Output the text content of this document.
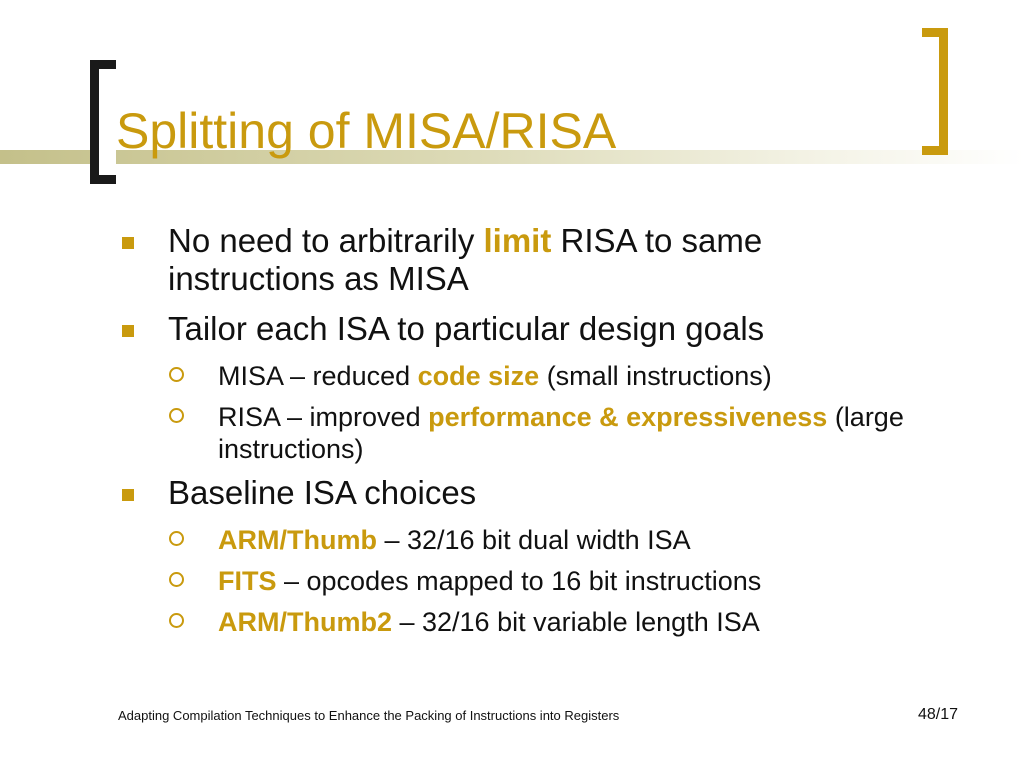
Splitting of MISA/RISA
No need to arbitrarily limit RISA to same instructions as MISA
Tailor each ISA to particular design goals
MISA – reduced code size (small instructions)
RISA – improved performance & expressiveness (large instructions)
Baseline ISA choices
ARM/Thumb – 32/16 bit dual width ISA
FITS – opcodes mapped to 16 bit instructions
ARM/Thumb2 – 32/16 bit variable length ISA
Adapting Compilation Techniques to Enhance the Packing of Instructions into Registers	48/17
